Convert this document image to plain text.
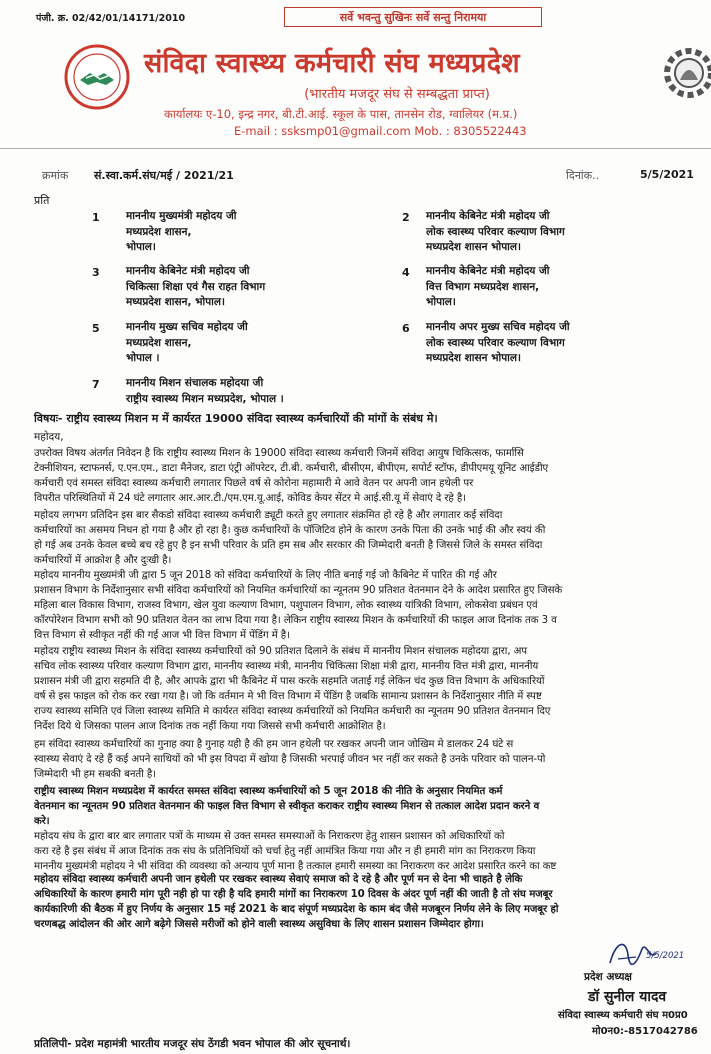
पंजी. क्र. 02/42/01/14171/2010	सर्वे भवन्तु सुखिनः सर्वे सन्तु निरामया
संविदा स्वास्थ्य कर्मचारी संघ मध्यप्रदेश
(भारतीय मजदूर संघ से सम्बद्धता प्राप्त)
कार्यालयः ए-10, इन्द्र नगर, बी.टी.आई. स्कूल के पास, तानसेन रोड, ग्वालियर (म.प्र.)
E-mail : ssksmp01@gmail.com Mob. : 8305522443
क्रमांक सं.स्वा.कर्म.संघ/मई / 2021/21	दिनांक..	5/5/2021
प्रति
1	माननीय मुख्यमंत्री महोदय जी
मध्यप्रदेश शासन,
भोपाल।
2 माननीय केबिनेट मंत्री महोदय जी
लोक स्वास्थ्य परिवार कल्याण विभाग
मध्यप्रदेश शासन भोपाल।
3	माननीय केबिनेट मंत्री महोदय जी
चिकित्सा शिक्षा एवं गैस राहत विभाग
मध्यप्रदेश शासन, भोपाल।
4 माननीय केबिनेट मंत्री महोदय जी
वित्त विभाग मध्यप्रदेश शासन,
भोपाल।
5	माननीय मुख्य सचिव महोदय जी
मध्यप्रदेश शासन,
भोपाल ।
6 माननीय अपर मुख्य सचिव महोदय जी
लोक स्वास्थ्य परिवार कल्याण विभाग
मध्यप्रदेश शासन भोपाल।
7	माननीय मिशन संचालक महोदया जी
राष्ट्रीय स्वास्थ्य मिशन मध्यप्रदेश, भोपाल ।
विषयः- राष्ट्रीय स्वास्थ्य मिशन म में कार्यरत 19000 संविदा स्वास्थ्य कर्मचारियों की मांगों के संबंध मे।
महोदय,
उपरोक्त विषय अंतर्गत निवेदन है कि राष्ट्रीय स्वास्थ्य मिशन के 19000 संविदा स्वास्थ्य कर्मचारी जिनमें संविदा आयुष चिकित्सक, फार्मासि
टेक्नीशियन, स्टाफनर्स, ए.एन.एम., डाटा मैनेजर, डाटा एंट्री ऑपरेटर, टी.बी. कर्मचारी, बीसीएम, बीपीएम, सपोर्ट स्टॉफ, डीपीएमयू यूनिट आईडीए
कर्मचारी एवं समस्त संविदा स्वास्थ्य कर्मचारी लगातार पिछले वर्ष से कोरोना महामारी मे आवे वेतन पर अपनी जान हथेली पर
विपरीत परिस्थितियों में 24 घंटे लगातार आर.आर.टी./एम.एम.यू.आई, कोविड केयर सेंटर मे आई.सी.यू में सेवाएं दे रहे है।
महोदय लगभग प्रतिदिन इस बार सैकडो संविदा स्वास्थ्य कर्मचारी ड्यूटी करते हुए लगातार संक्रमित हो रहे है और लगातार कई संविदा
कर्मचारियों का असमय निधन हो गया है और हो रहा है। कुछ कर्मचारियों के पॉजिटिव होने के कारण उनके पिता की उनके भाई की और स्वयं की
हो गई अब उनके केवल बच्चे बच रहे हुए है इन सभी परिवार के प्रति हम सब और सरकार की जिम्मेदारी बनती है जिससे जिले के समस्त संविदा
कर्मचारियों में आक्रोश है और दुःखी है।
महोदय माननीय मुख्यमंत्री जी द्वारा 5 जून 2018 को संविदा कर्मचारियों के लिए नीति बनाई गई जो कैबिनेट में पारित की गई और
प्रशासन विभाग के निर्देशानुसार सभी संविदा कर्मचारियों को नियमित कर्मचारियों का न्यूनतम 90 प्रतिशत वेतनमान देने के आदेश प्रसारित हुए जिसके
महिला बाल विकास विभाग, राजस्व विभाग, खेल युवा कल्याण विभाग, पशुपालन विभाग, लोक स्वास्थ्य यांत्रिकी विभाग, लोकसेवा प्रबंधन एवं
कॉरपोरेशन विभाग सभी को 90 प्रतिशत वेतन का लाभ दिया गया है। लेकिन राष्ट्रीय स्वास्थ्य मिशन के कर्मचारियों की फाइल आज दिनांक तक 3 व
वित्त विभाग से स्वीकृत नहीं की गई आज भी वित्त विभाग में पेंडिंग में है।
महोदय राष्ट्रीय स्वास्थ्य मिशन के संविदा स्वास्थ्य कर्मचारियों को 90 प्रतिशत दिलाने के संबंध में माननीय मिशन संचालक महोदया द्वारा, अप
सचिव लोक स्वास्थ्य परिवार कल्याण विभाग द्वारा, माननीय स्वास्थ्य मंत्री, माननीय चिकित्सा शिक्षा मंत्री द्वारा, माननीय वित्त मंत्री द्वारा, माननीय
प्रशासन मंत्री जी द्वारा सहमति दी है, और आपके द्वारा भी कैबिनेट में पास करके सहमति जताई गई लेकिन चंद कुछ वित्त विभाग के अधिकारियों
वर्ष से इस फाइल को रोक कर रखा गया है। जो कि वर्तमान मे भी वित्त विभाग में पेंडिंग है जबकि सामान्य प्रशासन के निर्देशानुसार नीति में स्पष्ट
राज्य स्वास्थ्य समिति एवं जिला स्वास्थ्य समिति मे कार्यरत संविदा स्वास्थ्य कर्मचारियों को नियमित कर्मचारी का न्यूनतम 90 प्रतिशत वेतनमान दिए
निर्देश दिये थे जिसका पालन आज दिनांक तक नहीं किया गया जिससे सभी कर्मचारी आक्रोशित है।
हम संविदा स्वास्थ्य कर्मचारियों का गुनाह क्या है गुनाह यही है की हम जान हथेली पर रखकर अपनी जान जोखिम मे डालकर 24 घंटे स
स्वास्थ्य सेवाएं दे रहे हैं कई अपने साथियों को भी इस विपदा में खोया है जिसकी भरपाई जीवन भर नहीं कर सकते है उनके परिवार को पालन-पो
जिम्मेदारी भी हम सबकी बनती है।
राष्ट्रीय स्वास्थ्य मिशन मध्यप्रदेश में कार्यरत समस्त संविदा स्वास्थ्य कर्मचारियों को 5 जून 2018 की नीति के अनुसार नियमित कर्म
वेतनमान का न्यूनतम 90 प्रतिशत वेतनमान की फाइल वित्त विभाग से स्वीकृत कराकर राष्ट्रीय स्वास्थ्य मिशन से तत्काल आदेश प्रदान करने व
करे।
महोदय संघ के द्वारा बार बार लगातार पत्रों के माध्यम से उक्त समस्त समस्याओं के निराकरण हेतु शासन प्रशासन को अधिकारियों को
करा रहे है इस संबंध में आज दिनांक तक संघ के प्रतिनिधियों को चर्चा हेतु नहीं आमंत्रित किया गया और न ही हमारी मांग का निराकरण किया
माननीय मुख्यमंत्री महोदय ने भी संविदा की व्यवस्था को अन्याय पूर्ण माना है तत्काल हमारी समस्या का निराकरण कर आदेश प्रसारित करने का कष्ट
महोदय संविदा स्वास्थ्य कर्मचारी अपनी जान हथेली पर रखकर स्वास्थ्य सेवाएं समाज को दे रहे है और पूर्ण मन से देना भी चाहते है लेकि
अधिकारियों के कारण हमारी मांग पूरी नही हो पा रही है यदि हमारी मांगों का निराकरण 10 दिवस के अंदर पूर्ण नहीं की जाती है तो संघ मजबूर
कार्यकारिणी की बैठक में हुए निर्णय के अनुसार 15 मई 2021 के बाद संपूर्ण मध्यप्रदेश के काम बंद जैसे मजबूरन निर्णय लेने के लिए मजबूर हो
चरणबद्ध आंदोलन की ओर आगे बढ़ेगे जिससे मरीजों को होने वाली स्वास्थ्य असुविधा के लिए शासन प्रशासन जिम्मेदार होगा।
5/5/2021
प्रदेश अध्यक्ष
डॉ सुनील यादव
संविदा स्वास्थ्य कर्मचारी संघ म0प्र0
मो0न0:-8517042786
प्रतिलिपी- प्रदेश महामंत्री भारतीय मजदूर संघ ठेंगडी भवन भोपाल की ओर सूचनार्थ।
